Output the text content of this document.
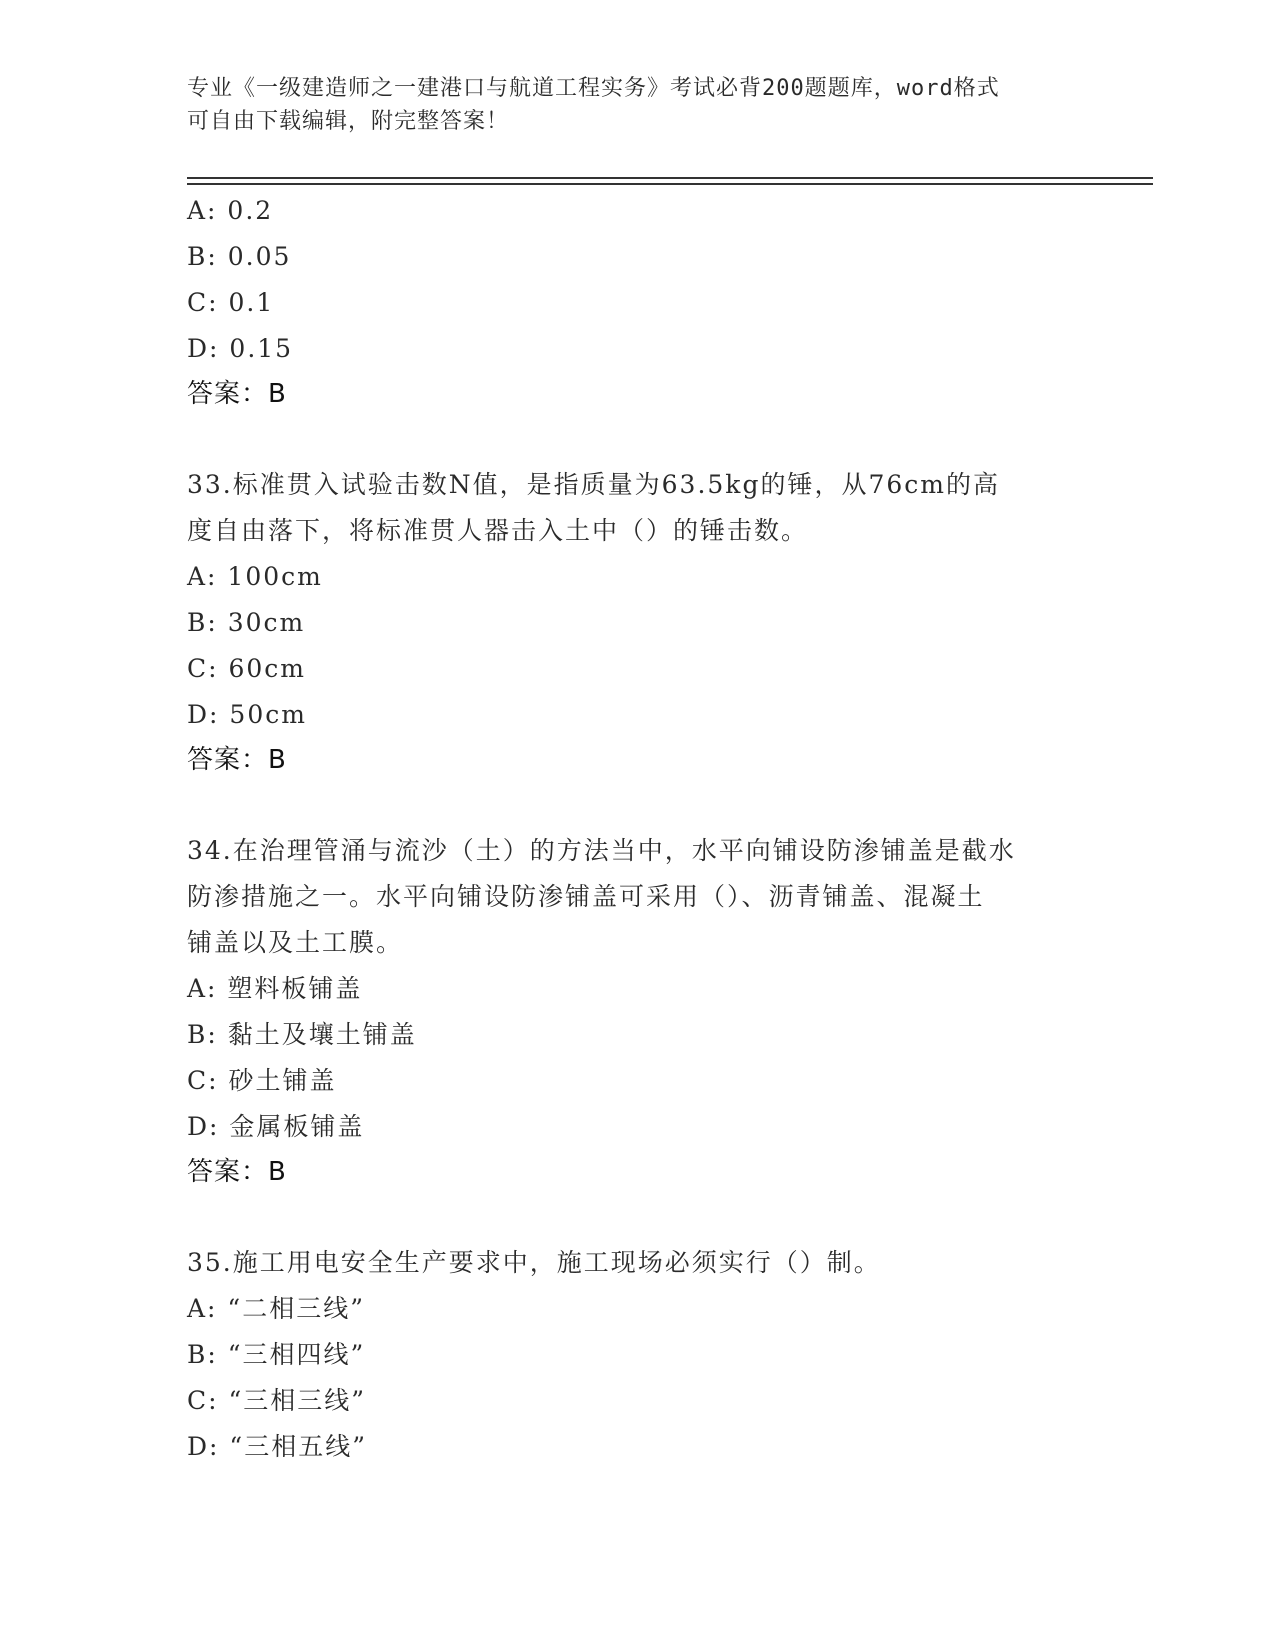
专业《一级建造师之一建港口与航道工程实务》考试必背200题题库，word格式
可自由下载编辑，附完整答案！
A: 0.2
B: 0.05
C: 0.1
D: 0.15
答案：B
33.标准贯入试验击数N值，是指质量为63.5kg的锤，从76cm的高
度自由落下，将标准贯人器击入土中（）的锤击数。
A: 100cm
B: 30cm
C: 60cm
D: 50cm
答案：B
34.在治理管涌与流沙（土）的方法当中，水平向铺设防渗铺盖是截水
防渗措施之一。水平向铺设防渗铺盖可采用（）、沥青铺盖、混凝土
铺盖以及土工膜。
A: 塑料板铺盖
B: 黏土及壤土铺盖
C: 砂土铺盖
D: 金属板铺盖
答案：B
35.施工用电安全生产要求中，施工现场必须实行（）制。
A: “二相三线”
B: “三相四线”
C: “三相三线”
D: “三相五线”
